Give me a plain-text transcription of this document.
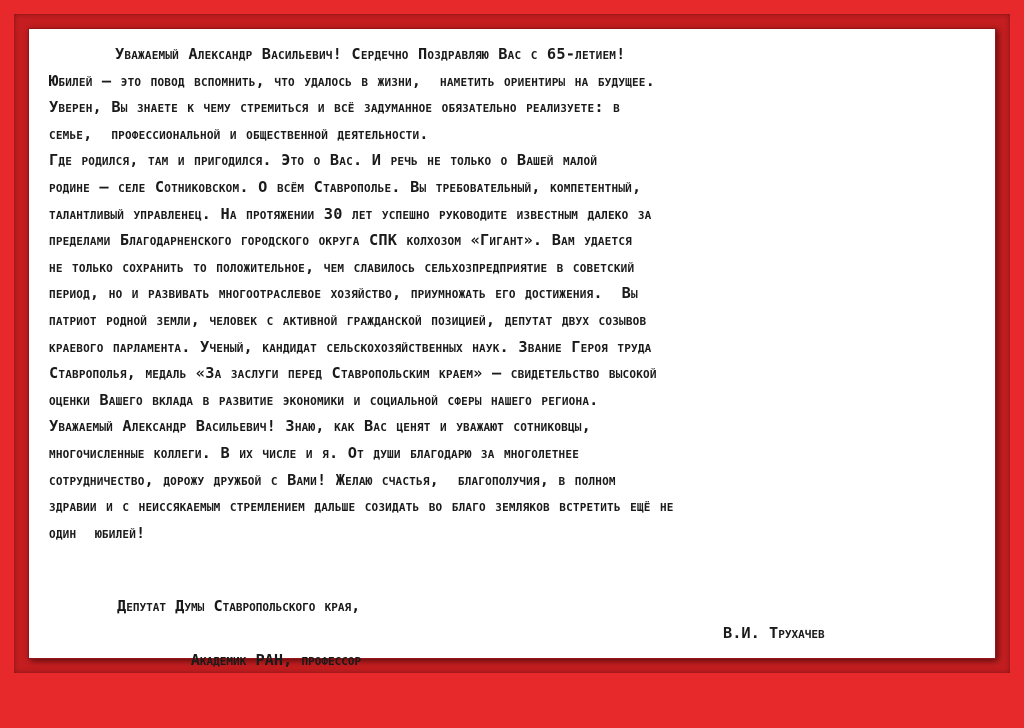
Уважаемый Александр Васильевич! Сердечно Поздравляю Вас с 65-летием!
Юбилей — это повод вспомнить, что удалось в жизни,  наметить ориентиры на будущее.
Уверен, Вы знаете к чему стремиться и всё задуманное обязательно реализуете: в
семье,  профессиональной и общественной деятельности.
Где родился, там и пригодился. Это о Вас. И речь не только о Вашей малой
родине — селе Сотниковском. О всём Ставрополье. Вы требовательный, компетентный,
талантливый управленец. На протяжении 30 лет успешно руководите известным далеко за
пределами Благодарненского городского округа СПК колхозом «Гигант». Вам удается
не только сохранить то положительное, чем славилось сельхозпредприятие в советский
период, но и развивать многоотраслевое хозяйство, приумножать его достижения.  Вы
патриот родной земли, человек с активной гражданской позицией, депутат двух созывов
краевого парламента. Ученый, кандидат сельскохозяйственных наук. Звание Героя труда
Ставрополья, медаль «За заслуги перед Ставропольским краем» — свидетельство высокой
оценки Вашего вклада в развитие экономики и социальной сферы нашего региона.
Уважаемый Александр Васильевич! Знаю, как Вас ценят и уважают сотниковцы,
многочисленные коллеги. В их числе и я. От души благодарю за многолетнее
сотрудничество, дорожу дружбой с Вами! Желаю счастья,  благополучия, в полном
здравии и с неиссякаемым стремлением дальше созидать во благо земляков встретить ещё не
один  юбилей!
Депутат Думы Ставропольского края,

Академик РАН, профессор

В.И. Трухачев
